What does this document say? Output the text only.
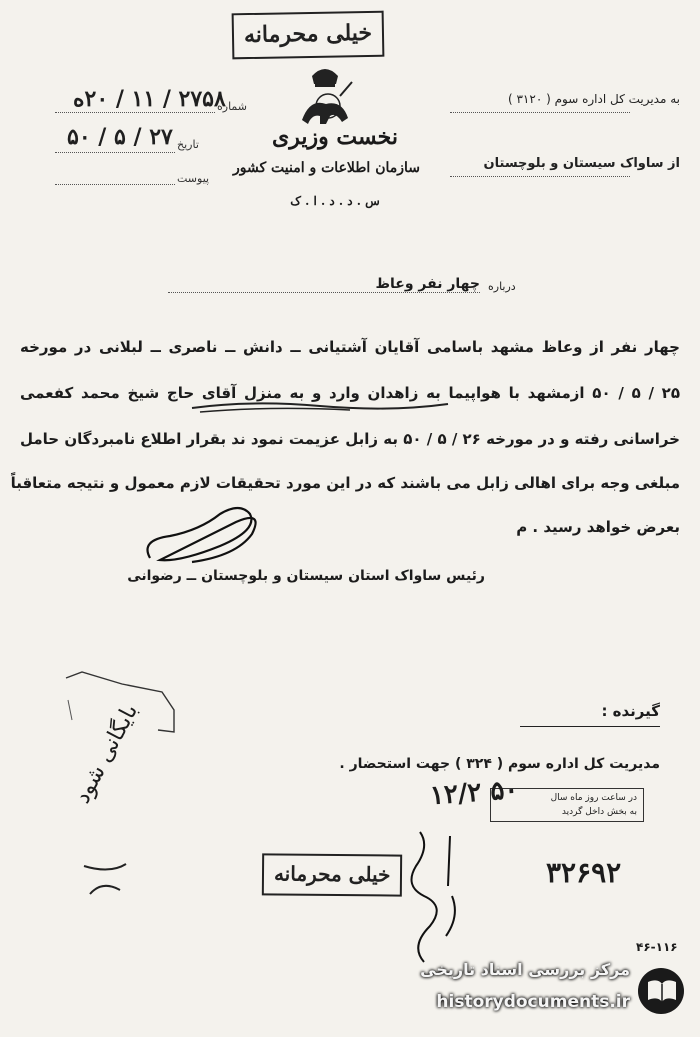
خیلی محرمانه
۲۷۵۸ / ۱۱ / ۲۰ه
شماره
۲۷ / ۵ / ۵۰ تاریخ
پیوست
نخست وزیری
سازمان اطلاعات و امنیت کشور
س . د . د . ا . ک
به مدیریت کل اداره سوم ( ۳۱۲۰ )
از ساواک سیستان و بلوچستان
درباره
چهار نفر وعاظ
چهار نفر از وعاظ مشهد باسامی آقایان آشتیانی ــ دانش ــ ناصری ــ لبلانی در مورخه
۲۵ / ۵ / ۵۰ ازمشهد با هواپیما به زاهدان وارد و به منزل آقای حاج شیخ محمد کفعمی
خراسانی رفته و در مورخه ۲۶ / ۵ / ۵۰ به زابل عزیمت نمود ند بقرار اطلاع نامبردگان حامل
مبلغی وجه برای اهالی زابل می باشند که در این مورد تحقیقات لازم معمول و نتیجه متعاقباً
بعرض خواهد رسید . م
رئیس ساواک استان سیستان و بلوچستان ــ رضوانی
گیرنده :
مدیریت کل اداره سوم ( ۳۲۴ ) جهت استحضار .
در ساعت روز ماه سال
به بخش داخل گردید
۱۲/۲ ۵۰
بایگانی شود
خیلی محرمانه	۳۲۶۹۲
۴۶-۱۱۶
مرکز بررسی اسناد تاریخی
historydocuments.ir
